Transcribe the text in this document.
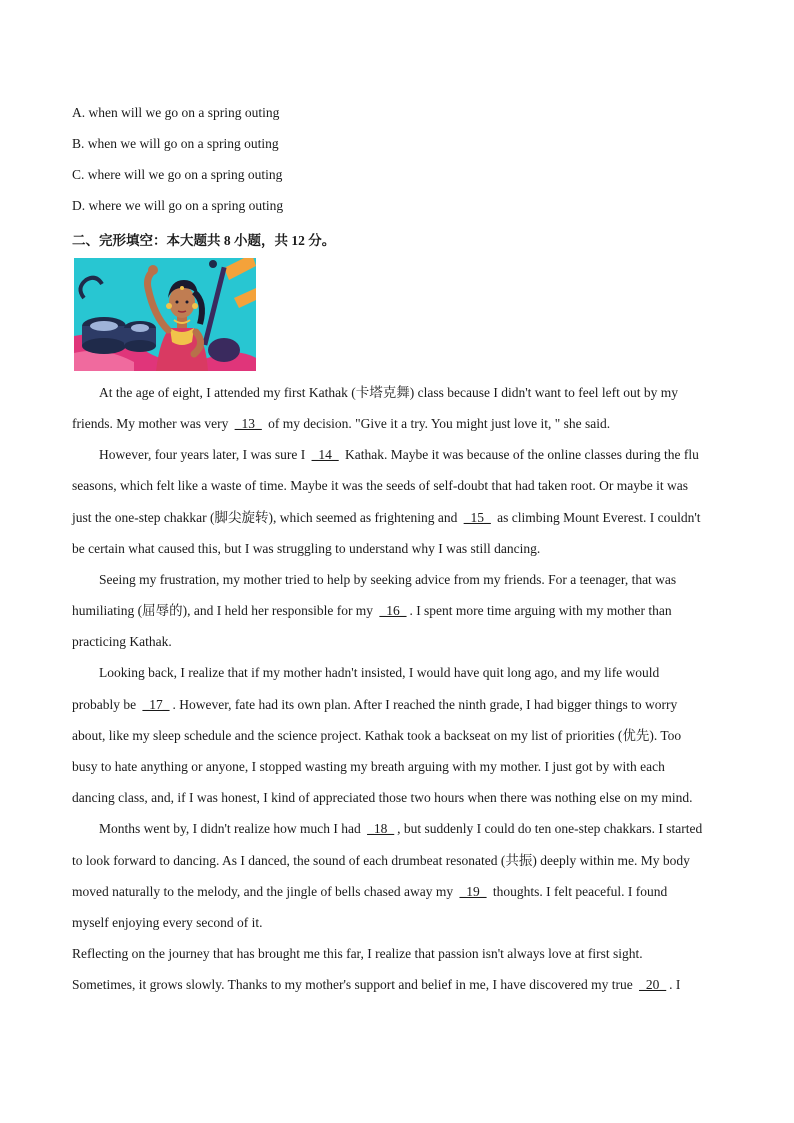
A. when will we go on a spring outing
B. when we will go on a spring outing
C. where will we go on a spring outing
D. where we will go on a spring outing
二、完形填空：本大题共 8 小题，共 12 分。
At the age of eight, I attended my first Kathak (卡塔克舞) class because I didn't want to feel left out by my
friends. My mother was very _13_ of my decision. "Give it a try. You might just love it, " she said.
However, four years later, I was sure I _14_ Kathak. Maybe it was because of the online classes during the flu
seasons, which felt like a waste of time. Maybe it was the seeds of self-doubt that had taken root. Or maybe it was
just the one-step chakkar (脚尖旋转), which seemed as frightening and _15_ as climbing Mount Everest. I couldn't
be certain what caused this, but I was struggling to understand why I was still dancing.
Seeing my frustration, my mother tried to help by seeking advice from my friends. For a teenager, that was
humiliating (屈辱的), and I held her responsible for my _16_ . I spent more time arguing with my mother than
practicing Kathak.
Looking back, I realize that if my mother hadn't insisted, I would have quit long ago, and my life would
probably be _17_ . However, fate had its own plan. After I reached the ninth grade, I had bigger things to worry
about, like my sleep schedule and the science project. Kathak took a backseat on my list of priorities (优先). Too
busy to hate anything or anyone, I stopped wasting my breath arguing with my mother. I just got by with each
dancing class, and, if I was honest, I kind of appreciated those two hours when there was nothing else on my mind.
Months went by, I didn't realize how much I had _18_ , but suddenly I could do ten one-step chakkars. I started
to look forward to dancing. As I danced, the sound of each drumbeat resonated (共振) deeply within me. My body
moved naturally to the melody, and the jingle of bells chased away my _19_ thoughts. I felt peaceful. I found
myself enjoying every second of it.
Reflecting on the journey that has brought me this far, I realize that passion isn't always love at first sight.
Sometimes, it grows slowly. Thanks to my mother's support and belief in me, I have discovered my true _20_ . I
